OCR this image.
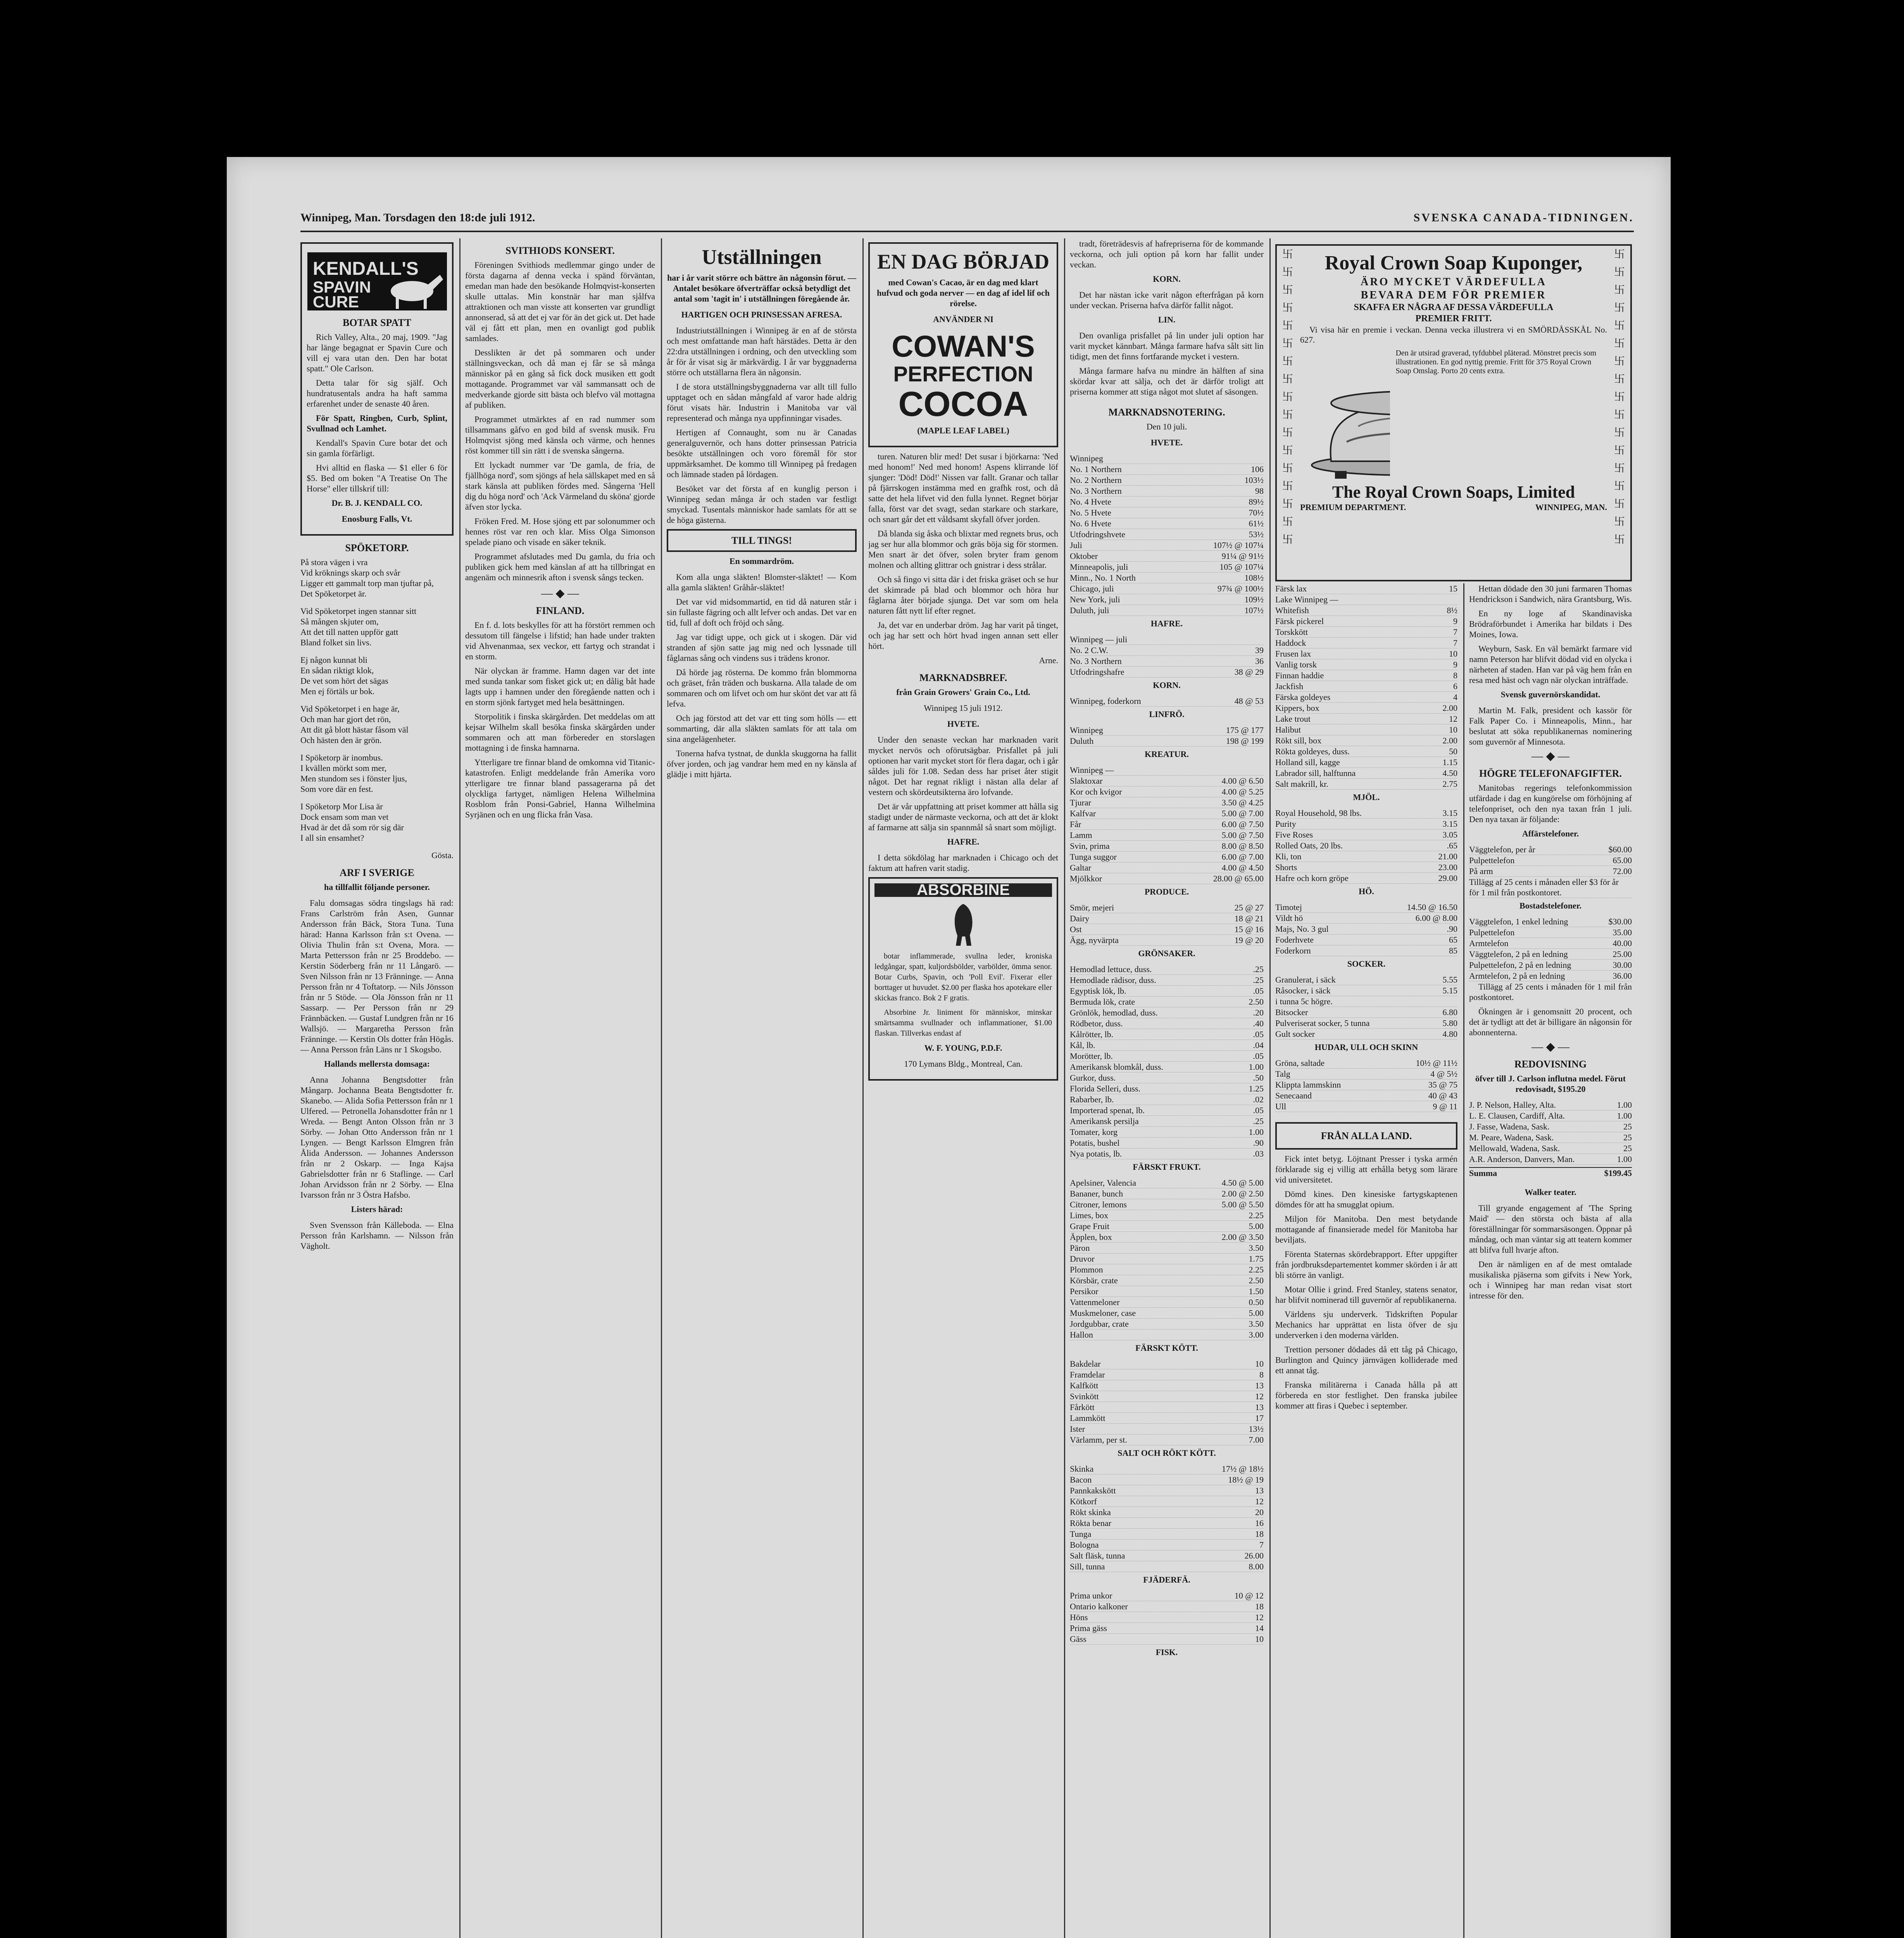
Winnipeg, Man. Torsdagen den 18:de juli 1912.	SVENSKA CANADA-TIDNINGEN.
KENDALL'S
SPAVIN
CURE
BOTAR SPATT

Rich Valley, Alta., 20 maj, 1909. "Jag har länge begagnat er Spavin Cure och vill ej vara utan den. Den har botat spatt." Ole Carlson.

Detta talar för sig själf. Och hundratusentals andra ha haft samma erfarenhet under de senaste 40 åren.

För Spatt, Ringben, Curb, Splint, Svullnad och Lamhet.

Kendall's Spavin Cure botar det och sin gamla förfärligt.

Hvi alltid en flaska — $1 eller 6 för $5. Bed om boken "A Treatise On The Horse" eller tillskrif till:

Dr. B. J. KENDALL CO.
Enosburg Falls, Vt.
SPÖKETORP.

På stora vägen i vra
Vid kröknings skarp och svår
Ligger ett gammalt torp man tjuftar på,
Det Spöketorpet är.

Vid Spöketorpet ingen stannar sitt
Så mången skjuter om,
Att det till natten uppför gatt
Bland folket sin livs.

Ej någon kunnat bli
En sådan riktigt klok,
De vet som hört det sägas
Men ej förtäls ur bok.

Vid Spöketorpet i en hage är,
Och man har gjort det rön,
Att dit gå blott hästar fåsom väl
Och hästen den är grön.

I Spöketorp är inombus.
I kvällen mörkt som mer,
Men stundom ses i fönster ljus,
Som vore där en fest.

I Spöketorp Mor Lisa är
Dock ensam som man vet
Hvad är det då som rör sig där
I all sin ensamhet?

Gösta.

ARF I SVERIGE
ha tillfallit följande personer.

Falu domsagas södra tingslags hä rad: Frans Carlström från Asen, Gunnar Andersson från Bäck, Stora Tuna. Tuna härad: Hanna Karlsson från s:t Ovena. — Olivia Thulin från s:t Ovena, Mora. — Marta Pettersson från nr 25 Broddebo. — Kerstin Söderberg från nr 11 Långarö. — Sven Nilsson från nr 13 Fränninge. — Anna Persson från nr 4 Toftatorp. — Nils Jönsson från nr 5 Stöde. — Ola Jönsson från nr 11 Sassarp. — Per Persson från nr 29 Frännbäcken. — Gustaf Lundgren från nr 16 Wallsjö. — Margaretha Persson från Fränninge. — Kerstin Ols dotter från Högås. — Anna Persson från Läns nr 1 Skogsbo.

Hallands mellersta domsaga:

Anna Johanna Bengtsdotter från Mångarp. Jochanna Beata Bengtsdotter fr. Skanebo. — Alida Sofia Pettersson från nr 1 Ulfered. — Petronella Johansdotter från nr 1 Wreda. — Bengt Anton Olsson från nr 3 Sörby. — Johan Otto Andersson från nr 1 Lyngen. — Bengt Karlsson Elmgren från Ålida Andersson. — Johannes Andersson från nr 2 Oskarp. — Inga Kajsa Gabrielsdotter från nr 6 Staflinge. — Carl Johan Arvidsson från nr 2 Sörby. — Elna Ivarsson från nr 3 Östra Hafsbo.

Listers härad:

Sven Svensson från Källeboda. — Elna Persson från Karlshamn. — Nilsson från Vägholt.

SVITHIODS KONSERT.

Föreningen Svithiods medlemmar gingo under de första dagarna af denna vecka i spänd förväntan, emedan man hade den besökande Holmqvist-konserten skulle uttalas. Min konstnär har man sjålfva attraktionen och man visste att konserten var grundligt annonserad, så att det ej var för än det gick ut. Det hade väl ej fått ett plan, men en ovanligt god publik samlades.

Desslikten är det på sommaren och under ställningsveckan, och då man ej får se så många människor på en gång så fick dock musiken ett godt mottagande. Programmet var väl sammansatt och de medverkande gjorde sitt bästa och blefvo väl mottagna af publiken.

Programmet utmärktes af en rad nummer som tillsammans gåfvo en god bild af svensk musik. Fru Holmqvist sjöng med känsla och värme, och hennes röst kommer till sin rätt i de svenska sångerna.

Ett lyckadt nummer var 'De gamla, de fria, de fjällhöga nord', som sjöngs af hela sällskapet med en så stark känsla att publiken fördes med. Sångerna 'Hell dig du höga nord' och 'Ack Värmeland du sköna' gjorde äfven stor lycka.

Fröken Fred. M. Hose sjöng ett par solonummer och hennes röst var ren och klar. Miss Olga Simonson spelade piano och visade en säker teknik.

Programmet afslutades med Du gamla, du fria och publiken gick hem med känslan af att ha tillbringat en angenäm och minnesrik afton i svensk sångs tecken.

— ◆ —
FINLAND.

En f. d. lots beskylles för att ha förstört remmen och dessutom till fängelse i lifstid; han hade under trakten vid Ahvenanmaa, sex veckor, ett fartyg och strandat i en storm.

När olyckan är framme. Hamn dagen var det inte med sunda tankar som fisket gick ut; en dålig båt hade lagts upp i hamnen under den föregående natten och i en storm sjönk fartyget med hela besättningen.

Storpolitik i finska skärgården. Det meddelas om att kejsar Wilhelm skall besöka finska skärgården under sommaren och att man förbereder en storslagen mottagning i de finska hamnarna.

Ytterligare tre finnar bland de omkomna vid Titanic-katastrofen. Enligt meddelande från Amerika voro ytterligare tre finnar bland passagerarna på det olyckliga fartyget, nämligen Helena Wilhelmina Rosblom från Ponsi-Gabriel, Hanna Wilhelmina Syrjänen och en ung flicka från Vasa.

Utställningen
har i år varit större och bättre än någonsin förut. — Antalet besökare öfverträffar också betydligt det antal som 'tagit in' i utställningen föregående år.
HARTIGEN OCH PRINSESSAN AFRESA.

Industriutställningen i Winnipeg är en af de största och mest omfattande man haft härstädes. Detta är den 22:dra utställningen i ordning, och den utveckling som år för år visat sig är märkvärdig. I år var byggnaderna större och utställarna flera än någonsin.

I de stora utställningsbyggnaderna var allt till fullo upptaget och en sådan mångfald af varor hade aldrig förut visats här. Industrin i Manitoba var väl representerad och många nya uppfinningar visades.

Hertigen af Connaught, som nu är Canadas generalguvernör, och hans dotter prinsessan Patricia besökte utställningen och voro föremål för stor uppmärksamhet. De kommo till Winnipeg på fredagen och lämnade staden på lördagen.

Besöket var det första af en kunglig person i Winnipeg sedan många år och staden var festligt smyckad. Tusentals människor hade samlats för att se de höga gästerna.

TILL TINGS!
En sommardröm.

Kom alla unga släkten! Blomster-släktet! — Kom alla gamla släkten! Gråhår-släktet!

Det var vid midsommartid, en tid då naturen står i sin fullaste fägring och allt lefver och andas. Det var en tid, full af doft och fröjd och sång.

Jag var tidigt uppe, och gick ut i skogen. Där vid stranden af sjön satte jag mig ned och lyssnade till fåglarnas sång och vindens sus i trädens kronor.

Då hörde jag rösterna. De kommo från blommorna och gräset, från träden och buskarna. Alla talade de om sommaren och om lifvet och om hur skönt det var att få lefva.

Och jag förstod att det var ett ting som hölls — ett sommarting, där alla släkten samlats för att tala om sina angelägenheter.

Tonerna hafva tystnat, de dunkla skuggorna ha fallit öfver jorden, och jag vandrar hem med en ny känsla af glädje i mitt hjärta.

EN DAG BÖRJAD
med Cowan's Cacao, är en dag med klart hufvud och goda nerver — en dag af idel lif och rörelse.
ANVÄNDER NI
COWAN'S
PERFECTION
COCOA
(MAPLE LEAF LABEL)

turen. Naturen blir med! Det susar i björkarna: 'Ned med honom!' Ned med honom! Aspens klirrande löf sjunger: 'Död! Död!' Nissen var fallt. Granar och tallar på fjärrskogen instämma med en grafhk rost, och då satte det hela lifvet vid den fulla lynnet. Regnet börjar falla, först var det svagt, sedan starkare och starkare, och snart går det ett våldsamt skyfall öfver jorden.

Då blanda sig åska och blixtar med regnets brus, och jag ser hur alla blommor och gräs böja sig för stormen. Men snart är det öfver, solen bryter fram genom molnen och allting glittrar och gnistrar i dess strålar.

Och så fingo vi sitta där i det friska gräset och se hur det skimrade på blad och blommor och höra hur fåglarna åter började sjunga. Det var som om hela naturen fått nytt lif efter regnet.

Ja, det var en underbar dröm. Jag har varit på tinget, och jag har sett och hört hvad ingen annan sett eller hört.

Arne.

MARKNADSBREF.
från Grain Growers' Grain Co., Ltd.
Winnipeg 15 juli 1912.
HVETE.

Under den senaste veckan har marknaden varit mycket nervös och oförutsägbar. Prisfallet på juli optionen har varit mycket stort för flera dagar, och i går såldes juli för 1.08. Sedan dess har priset åter stigit något. Det har regnat rikligt i nästan alla delar af vestern och skördeutsikterna äro lofvande.

Det är vår uppfattning att priset kommer att hålla sig stadigt under de närmaste veckorna, och att det är klokt af farmarne att sälja sin spannmål så snart som möjligt.

HAFRE.

I detta sökdölag har marknaden i Chicago och det faktum att hafren varit stadig.

ABSORBINE

botar inflammerade, svullna leder, kroniska ledgångar, spatt, kuljordsbölder, varbölder, ömma senor. Botar Curbs, Spavin, och 'Poll Evil'. Fixerar eller borttager ut huvudet. $2.00 per flaska hos apotekare eller skickas franco. Bok 2 F gratis.

Absorbine Jr. liniment för människor, minskar smärtsamma svullnader och inflammationer, $1.00 flaskan. Tillverkas endast af

W. F. YOUNG, P.D.F.
170 Lymans Bldg., Montreal, Can.

tradt, företrädesvis af hafrepriserna för de kommande veckorna, och juli option på korn har fallit under veckan.

KORN.

Det har nästan icke varit någon efterfrågan på korn under veckan. Priserna hafva därför fallit något.

LIN.

Den ovanliga prisfallet på lin under juli option har varit mycket kännbart. Många farmare hafva sålt sitt lin tidigt, men det finns fortfarande mycket i vestern.

Många farmare hafva nu mindre än hälften af sina skördar kvar att sälja, och det är därför troligt att priserna kommer att stiga något mot slutet af säsongen.

MARKNADSNOTERING.
Den 10 juli.
HVETE.
Winnipeg
No. 1 Northern	106
No. 2 Northern	103½
No. 3 Northern	98
No. 4 Hvete	89½
No. 5 Hvete	70½
No. 6 Hvete	61½
Utfodringshvete	53½
Juli	107½ @ 107¼
Oktober	91¼ @ 91½
Minneapolis, juli	105 @ 107¼
Minn., No. 1 North	108½
Chicago, juli	97¾ @ 100½
New York, juli	109½
Duluth, juli	107½
HAFRE.
Winnipeg — juli
No. 2 C.W.	39
No. 3 Northern	36
Utfodringshafre	38 @ 29
KORN.
Winnipeg, foderkorn	48 @ 53
LINFRÖ.
Winnipeg	175 @ 177
Duluth	198 @ 199
KREATUR.
Winnipeg —
Slaktoxar	4.00 @ 6.50
Kor och kvigor	4.00 @ 5.25
Tjurar	3.50 @ 4.25
Kalfvar	5.00 @ 7.00
Får	6.00 @ 7.50
Lamm	5.00 @ 7.50
Svin, prima	8.00 @ 8.50
Tunga suggor	6.00 @ 7.00
Galtar	4.00 @ 4.50
Mjölkkor	28.00 @ 65.00
PRODUCE.
Smör, mejeri	25 @ 27
Dairy	18 @ 21
Ost	15 @ 16
Ägg, nyvärpta	19 @ 20
GRÖNSAKER.
Hemodlad lettuce, duss.	.25
Hemodlade rädisor, duss.	.25
Egyptisk lök, lb.	.05
Bermuda lök, crate	2.50
Grönlök, hemodlad, duss.	.20
Rödbetor, duss.	.40
Kålrötter, lb.	.05
Kål, lb.	.04
Morötter, lb.	.05
Amerikansk blomkål, duss.	1.00
Gurkor, duss.	.50
Florida Selleri, duss.	1.25
Rabarber, lb.	.02
Importerad spenat, lb.	.05
Amerikansk persilja	.25
Tomater, korg	1.00
Potatis, bushel	.90
Nya potatis, lb.	.03
FÄRSKT FRUKT.
Apelsiner, Valencia	4.50 @ 5.00
Bananer, bunch	2.00 @ 2.50
Citroner, lemons	5.00 @ 5.50
Limes, box	2.25
Grape Fruit	5.00
Äpplen, box	2.00 @ 3.50
Päron	3.50
Druvor	1.75
Plommon	2.25
Körsbär, crate	2.50
Persikor	1.50
Vattenmeloner	0.50
Muskmeloner, case	5.00
Jordgubbar, crate	3.50
Hallon	3.00
FÄRSKT KÖTT.
Bakdelar	10
Framdelar	8
Kalfkött	13
Svinkött	12
Fårkött	13
Lammkött	17
Ister	13½
Värlamm, per st.	7.00
SALT OCH RÖKT KÖTT.
Skinka	17½ @ 18½
Bacon	18½ @ 19
Pannkakskött	13
Kötkorf	12
Rökt skinka	20
Rökta benar	16
Tunga	18
Bologna	7
Salt fläsk, tunna	26.00
Sill, tunna	8.00
FJÄDERFÄ.
Prima unkor	10 @ 12
Ontario kalkoner	18
Höns	12
Prima gäss	14
Gäss	10
FISK.
卐
卐
卐
卐
卐
卐
卐
卐
卐
卐
卐
卐
卐
卐
卐
卐
卐
卐
卐
卐
卐
卐
卐
卐
卐
卐
卐
卐
卐
卐
卐
卐
卐
卐
Royal Crown Soap Kuponger,
ÄRO MYCKET VÄRDEFULLA
BEVARA DEM FÖR PREMIER
SKAFFA ER NÅGRA AF DESSA VÄRDEFULLA
PREMIER FRITT.

Vi visa här en premie i veckan. Denna vecka illustrera vi en SMÖRDÅSSKÅL No. 627.

Den är utsirad graverad, tyfdubbel pläterad. Mönstret precis som illustrationen. En god nyttig premie. Fritt för 375 Royal Crown Soap Omslag. Porto 20 cents extra.

The Royal Crown Soaps, Limited
PREMIUM DEPARTMENT.	WINNIPEG, MAN.
Färsk lax	15
Lake Winnipeg —
Whitefish	8½
Färsk pickerel	9
Torskkött	7
Haddock	7
Frusen lax	10
Vanlig torsk	9
Finnan haddie	8
Jackfish	6
Färska goldeyes	4
Kippers, box	2.00
Lake trout	12
Halibut	10
Rökt sill, box	2.00
Rökta goldeyes, duss.	50
Holland sill, kagge	1.15
Labrador sill, halftunna	4.50
Salt makrill, kr.	2.75
MJÖL.
Royal Household, 98 lbs.	3.15
Purity	3.15
Five Roses	3.05
Rolled Oats, 20 lbs.	.65
Kli, ton	21.00
Shorts	23.00
Hafre och korn gröpe	29.00
HÖ.
Timotej	14.50 @ 16.50
Vildt hö	6.00 @ 8.00
Majs, No. 3 gul	.90
Foderhvete	65
Foderkorn	85
SOCKER.
Granulerat, i säck	5.55
Råsocker, i säck	5.15
i tunna 5c högre.
Bitsocker	6.80
Pulveriserat socker, 5 tunna	5.80
Gult socker	4.80
HUDAR, ULL OCH SKINN
Gröna, saltade	10½ @ 11½
Talg	4 @ 5½
Klippta lammskinn	35 @ 75
Senecaand	40 @ 43
Ull	9 @ 11
FRÅN ALLA LAND.

Fick intet betyg. Löjtnant Presser i tyska armén förklarade sig ej villig att erhålla betyg som lärare vid universitetet.

Dömd kines. Den kinesiske fartygskaptenen dömdes för att ha smugglat opium.

Miljon för Manitoba. Den mest betydande mottagande af finansierade medel för Manitoba har beviljats.

Förenta Staternas skördebrapport. Efter uppgifter från jordbruksdepartementet kommer skörden i år att bli större än vanligt.

Motar Ollie i grind. Fred Stanley, statens senator, har blifvit nominerad till guvernör af republikanerna.

Världens sju underverk. Tidskriften Popular Mechanics har upprättat en lista öfver de sju underverken i den moderna världen.

Trettion personer dödades då ett tåg på Chicago, Burlington and Quincy järnvägen kolliderade med ett annat tåg.

Franska militärerna i Canada hålla på att förbereda en stor festlighet. Den franska jubilee kommer att firas i Quebec i september.

Hettan dödade den 30 juni farmaren Thomas Hendrickson i Sandwich, nära Grantsburg, Wis.

En ny loge af Skandinaviska Brödraförbundet i Amerika har bildats i Des Moines, Iowa.

Weyburn, Sask. En väl bemärkt farmare vid namn Peterson har blifvit dödad vid en olycka i närheten af staden. Han var på väg hem från en resa med häst och vagn när olyckan inträffade.

Svensk guvernörskandidat.

Martin M. Falk, president och kassör för Falk Paper Co. i Minneapolis, Minn., har beslutat att söka republikanernas nominering som guvernör af Minnesota.

— ◆ —
HÖGRE TELEFONAFGIFTER.

Manitobas regerings telefonkommission utfärdade i dag en kungörelse om förhöjning af telefonpriset, och den nya taxan från 1 juli. Den nya taxan är följande:

Affärstelefoner.
Väggtelefon, per år	$60.00
Pulpettelefon	65.00
På arm	72.00
Tillägg af 25 cents i månaden eller $3 för år för 1 mil från postkontoret.
Bostadstelefoner.
Väggtelefon, 1 enkel ledning	$30.00
Pulpettelefon	35.00
Armtelefon	40.00
Väggtelefon, 2 på en ledning	25.00
Pulpettelefon, 2 på en ledning	30.00
Armtelefon, 2 på en ledning	36.00

Tillägg af 25 cents i månaden för 1 mil från postkontoret.

Ökningen är i genomsnitt 20 procent, och det är tydligt att det är billigare än någonsin för abonnenterna.

— ◆ —
REDOVISNING
öfver till J. Carlson influtna medel. Förut redovisadt, $195.20
J. P. Nelson, Halley, Alta.	1.00
L. E. Clausen, Cardiff, Alta.	1.00
J. Fasse, Wadena, Sask.	25
M. Peare, Wadena, Sask.	25
Mellowald, Wadena, Sask.	25
A.R. Anderson, Danvers, Man.	1.00
Summa	$199.45
Walker teater.

Till gryande engagement af 'The Spring Maid' — den största och bästa af alla föreställningar för sommarsäsongen. Öppnar på måndag, och man väntar sig att teatern kommer att blifva full hvarje afton.

Den är nämligen en af de mest omtalade musikaliska pjäserna som gifvits i New York, och i Winnipeg har man redan visat stort intresse för den.
